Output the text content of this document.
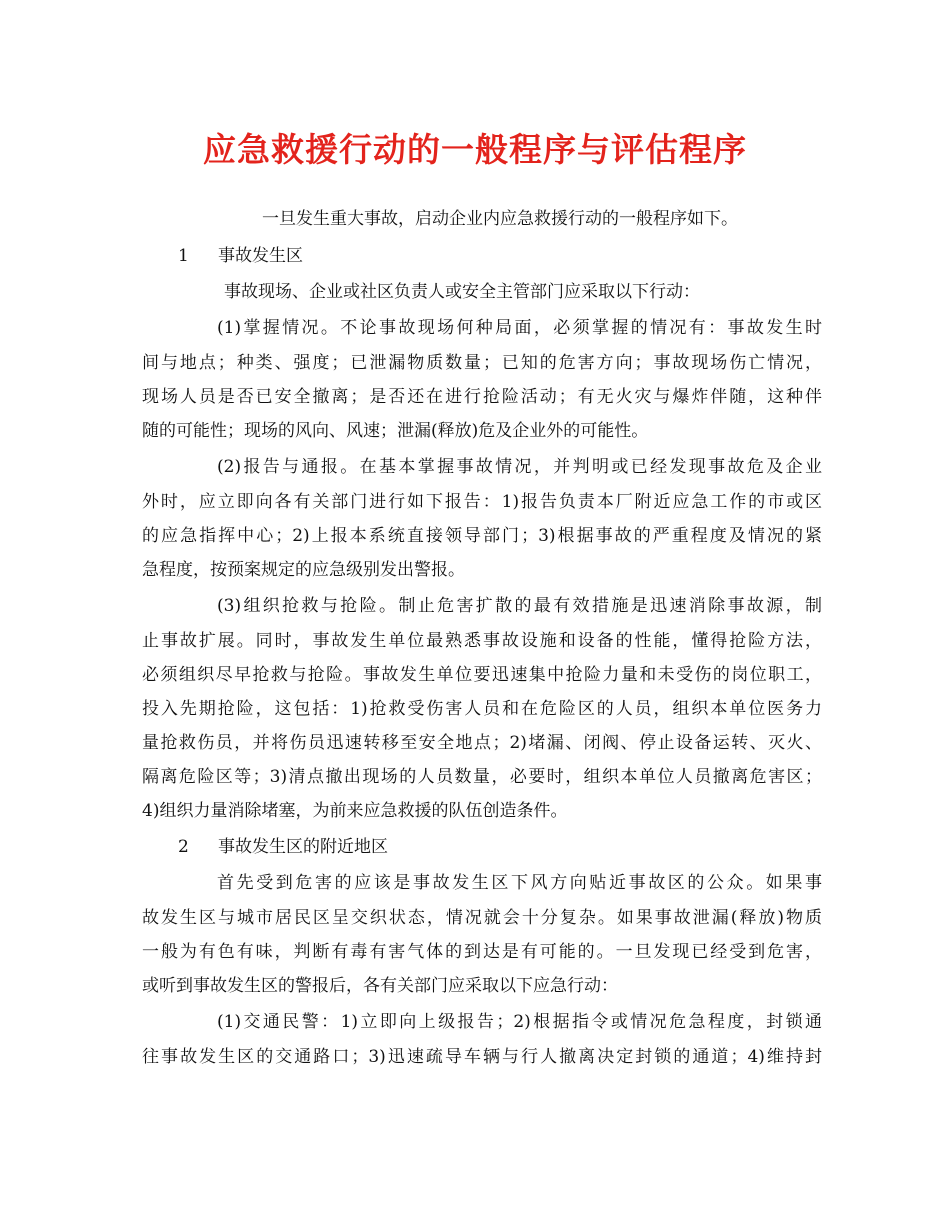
应急救援行动的一般程序与评估程序

一旦发生重大事故，启动企业内应急救援行动的一般程序如下。

1 事故发生区

事故现场、企业或社区负责人或安全主管部门应采取以下行动：

(1)掌握情况。不论事故现场何种局面，必须掌握的情况有：事故发生时

间与地点；种类、强度；已泄漏物质数量；已知的危害方向；事故现场伤亡情况，

现场人员是否已安全撤离；是否还在进行抢险活动；有无火灾与爆炸伴随，这种伴

随的可能性；现场的风向、风速；泄漏(释放)危及企业外的可能性。

(2)报告与通报。在基本掌握事故情况，并判明或已经发现事故危及企业

外时，应立即向各有关部门进行如下报告：1)报告负责本厂附近应急工作的市或区

的应急指挥中心；2)上报本系统直接领导部门；3)根据事故的严重程度及情况的紧

急程度，按预案规定的应急级别发出警报。

(3)组织抢救与抢险。制止危害扩散的最有效措施是迅速消除事故源，制

止事故扩展。同时，事故发生单位最熟悉事故设施和设备的性能，懂得抢险方法，

必须组织尽早抢救与抢险。事故发生单位要迅速集中抢险力量和未受伤的岗位职工，

投入先期抢险，这包括：1)抢救受伤害人员和在危险区的人员，组织本单位医务力

量抢救伤员，并将伤员迅速转移至安全地点；2)堵漏、闭阀、停止设备运转、灭火、

隔离危险区等；3)清点撤出现场的人员数量，必要时，组织本单位人员撤离危害区；

4)组织力量消除堵塞，为前来应急救援的队伍创造条件。

2 事故发生区的附近地区

首先受到危害的应该是事故发生区下风方向贴近事故区的公众。如果事

故发生区与城市居民区呈交织状态，情况就会十分复杂。如果事故泄漏(释放)物质

一般为有色有味，判断有毒有害气体的到达是有可能的。一旦发现已经受到危害，

或听到事故发生区的警报后，各有关部门应采取以下应急行动：

(1)交通民警：1)立即向上级报告；2)根据指令或情况危急程度，封锁通

往事故发生区的交通路口；3)迅速疏导车辆与行人撤离决定封锁的通道；4)维持封
